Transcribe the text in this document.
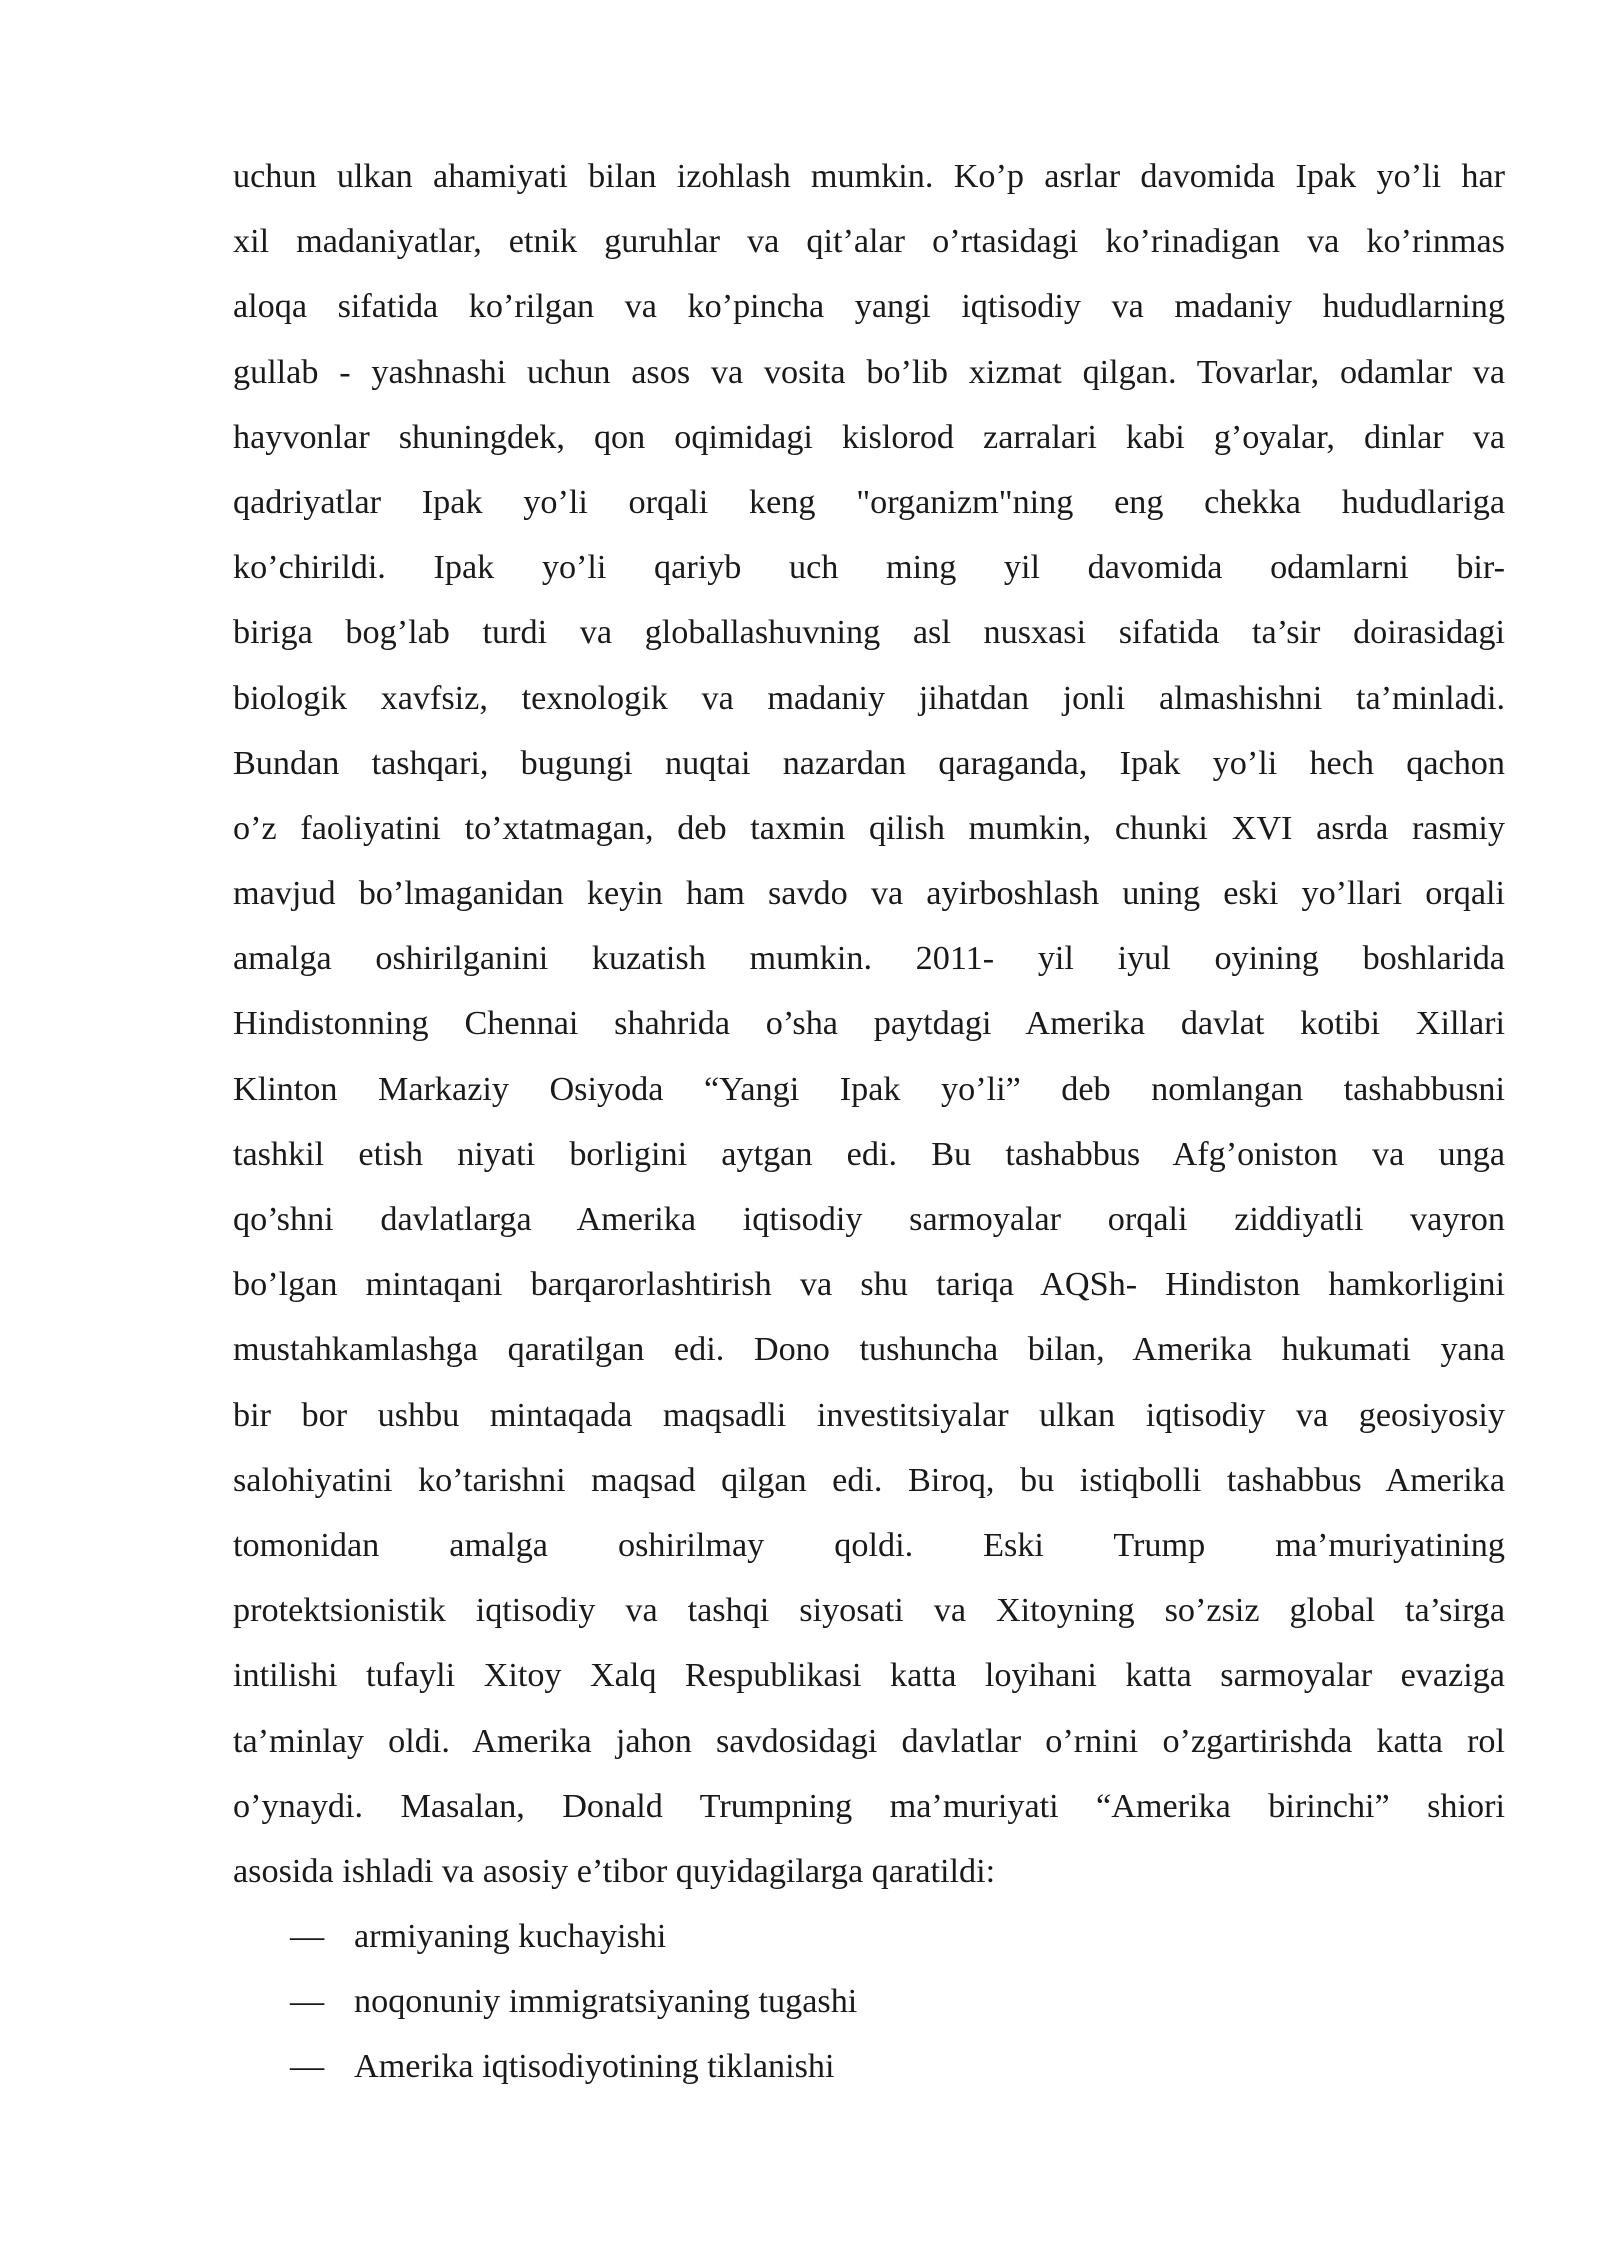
uchun ulkan ahamiyati bilan izohlash mumkin. Ko’p asrlar davomida Ipak yo’li har
xil madaniyatlar, etnik guruhlar va qit’alar o’rtasidagi ko’rinadigan va ko’rinmas
aloqa sifatida ko’rilgan va ko’pincha yangi iqtisodiy va madaniy hududlarning
gullab - yashnashi uchun asos va vosita bo’lib xizmat qilgan. Tovarlar, odamlar va
hayvonlar shuningdek, qon oqimidagi kislorod zarralari kabi g’oyalar, dinlar va
qadriyatlar Ipak yo’li orqali keng "organizm"ning eng chekka hududlariga
ko’chirildi. Ipak yo’li qariyb uch ming yil davomida odamlarni bir-
biriga bog’lab turdi va globallashuvning asl nusxasi sifatida ta’sir doirasidagi
biologik xavfsiz, texnologik va madaniy jihatdan jonli almashishni ta’minladi.
Bundan tashqari, bugungi nuqtai nazardan qaraganda, Ipak yo’li hech qachon
o’z faoliyatini to’xtatmagan, deb taxmin qilish mumkin, chunki XVI asrda rasmiy
mavjud bo’lmaganidan keyin ham savdo va ayirboshlash uning eski yo’llari orqali
amalga oshirilganini kuzatish mumkin. 2011- yil iyul oyining boshlarida
Hindistonning Chennai shahrida o’sha paytdagi Amerika davlat kotibi Xillari
Klinton Markaziy Osiyoda “Yangi Ipak yo’li” deb nomlangan tashabbusni
tashkil etish niyati borligini aytgan edi. Bu tashabbus Afg’oniston va unga
qo’shni davlatlarga Amerika iqtisodiy sarmoyalar orqali ziddiyatli vayron
bo’lgan mintaqani barqarorlashtirish va shu tariqa AQSh- Hindiston hamkorligini
mustahkamlashga qaratilgan edi. Dono tushuncha bilan, Amerika hukumati yana
bir bor ushbu mintaqada maqsadli investitsiyalar ulkan iqtisodiy va geosiyosiy
salohiyatini ko’tarishni maqsad qilgan edi. Biroq, bu istiqbolli tashabbus Amerika
tomonidan amalga oshirilmay qoldi. Eski Trump ma’muriyatining
protektsionistik iqtisodiy va tashqi siyosati va Xitoyning so’zsiz global ta’sirga
intilishi tufayli Xitoy Xalq Respublikasi katta loyihani katta sarmoyalar evaziga
ta’minlay oldi. Amerika jahon savdosidagi davlatlar o’rnini o’zgartirishda katta rol
o’ynaydi. Masalan, Donald Trumpning ma’muriyati “Amerika birinchi” shiori
asosida ishladi va asosiy e’tibor quyidagilarga qaratildi:
— armiyaning kuchayishi
— noqonuniy immigratsiyaning tugashi
— Amerika iqtisodiyotining tiklanishi
